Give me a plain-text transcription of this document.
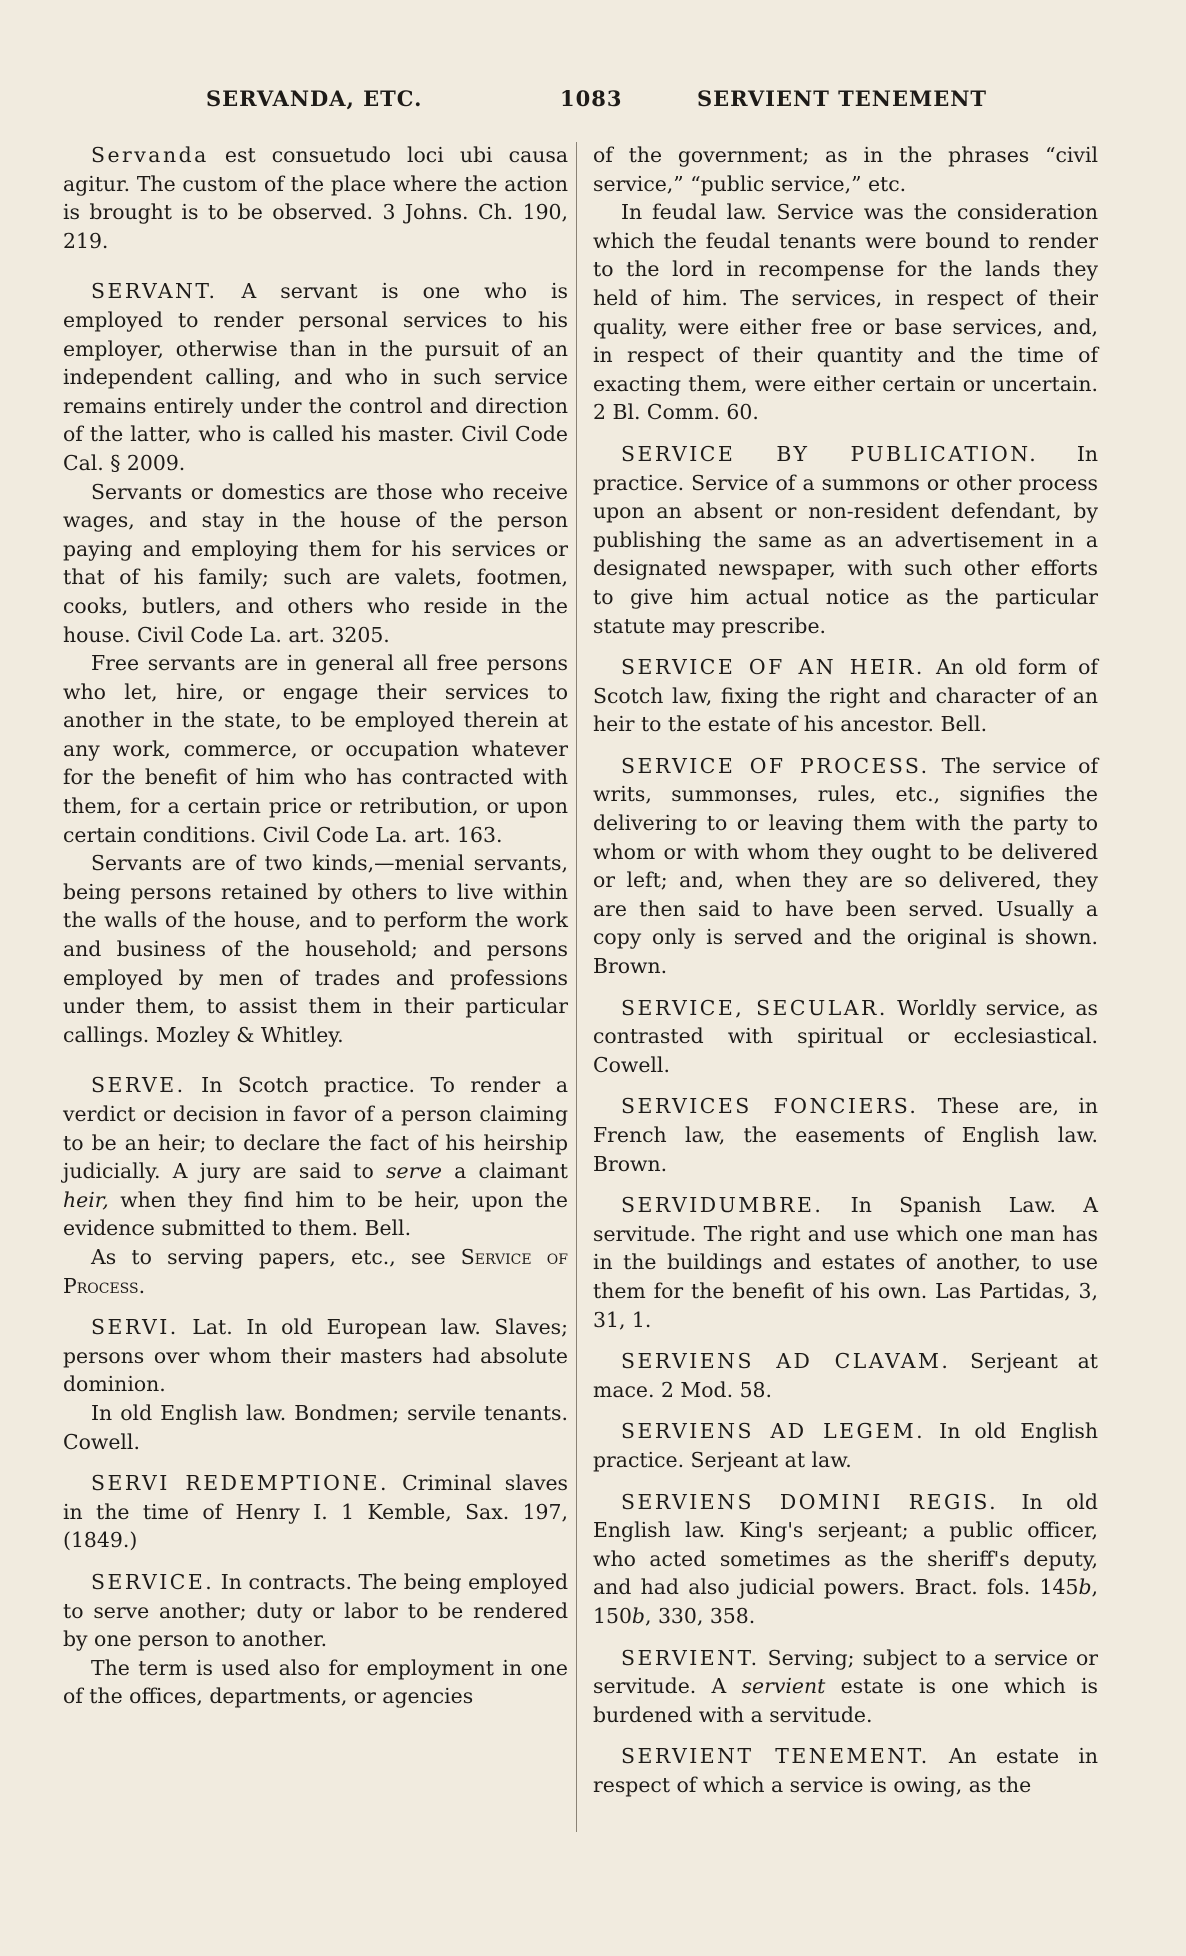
SERVANDA, ETC.	1083	SERVIENT TENEMENT

Servanda est consuetudo loci ubi causa agitur. The custom of the place where the action is brought is to be observed. 3 Johns. Ch. 190, 219.

SERVANT. A servant is one who is employed to render personal services to his employer, otherwise than in the pursuit of an independent calling, and who in such service remains entirely under the control and direction of the latter, who is called his master. Civil Code Cal. § 2009.

Servants or domestics are those who receive wages, and stay in the house of the person paying and employing them for his services or that of his family; such are valets, footmen, cooks, butlers, and others who reside in the house. Civil Code La. art. 3205.

Free servants are in general all free persons who let, hire, or engage their services to another in the state, to be employed therein at any work, commerce, or occupation whatever for the benefit of him who has contracted with them, for a certain price or retribution, or upon certain conditions. Civil Code La. art. 163.

Servants are of two kinds,—menial servants, being persons retained by others to live within the walls of the house, and to perform the work and business of the household; and persons employed by men of trades and professions under them, to assist them in their particular callings. Mozley & Whitley.

SERVE. In Scotch practice. To render a verdict or decision in favor of a person claiming to be an heir; to declare the fact of his heirship judicially. A jury are said to serve a claimant heir, when they find him to be heir, upon the evidence submitted to them. Bell.

As to serving papers, etc., see Service of Process.

SERVI. Lat. In old European law. Slaves; persons over whom their masters had absolute dominion.

In old English law. Bondmen; servile tenants. Cowell.

SERVI REDEMPTIONE. Criminal slaves in the time of Henry I. 1 Kemble, Sax. 197, (1849.)

SERVICE. In contracts. The being employed to serve another; duty or labor to be rendered by one person to another.

The term is used also for employment in one of the offices, departments, or agencies

of the government; as in the phrases “civil service,” “public service,” etc.

In feudal law. Service was the consideration which the feudal tenants were bound to render to the lord in recompense for the lands they held of him. The services, in respect of their quality, were either free or base services, and, in respect of their quantity and the time of exacting them, were either certain or uncertain. 2 Bl. Comm. 60.

SERVICE BY PUBLICATION. In practice. Service of a summons or other process upon an absent or non-resident defendant, by publishing the same as an advertisement in a designated newspaper, with such other efforts to give him actual notice as the particular statute may prescribe.

SERVICE OF AN HEIR. An old form of Scotch law, fixing the right and character of an heir to the estate of his ancestor. Bell.

SERVICE OF PROCESS. The service of writs, summonses, rules, etc., signifies the delivering to or leaving them with the party to whom or with whom they ought to be delivered or left; and, when they are so delivered, they are then said to have been served. Usually a copy only is served and the original is shown. Brown.

SERVICE, SECULAR. Worldly service, as contrasted with spiritual or ecclesiastical. Cowell.

SERVICES FONCIERS. These are, in French law, the easements of English law. Brown.

SERVIDUMBRE. In Spanish Law. A servitude. The right and use which one man has in the buildings and estates of another, to use them for the benefit of his own. Las Partidas, 3, 31, 1.

SERVIENS AD CLAVAM. Serjeant at mace. 2 Mod. 58.

SERVIENS AD LEGEM. In old English practice. Serjeant at law.

SERVIENS DOMINI REGIS. In old English law. King's serjeant; a public officer, who acted sometimes as the sheriff's deputy, and had also judicial powers. Bract. fols. 145b, 150b, 330, 358.

SERVIENT. Serving; subject to a service or servitude. A servient estate is one which is burdened with a servitude.

SERVIENT TENEMENT. An estate in respect of which a service is owing, as the
